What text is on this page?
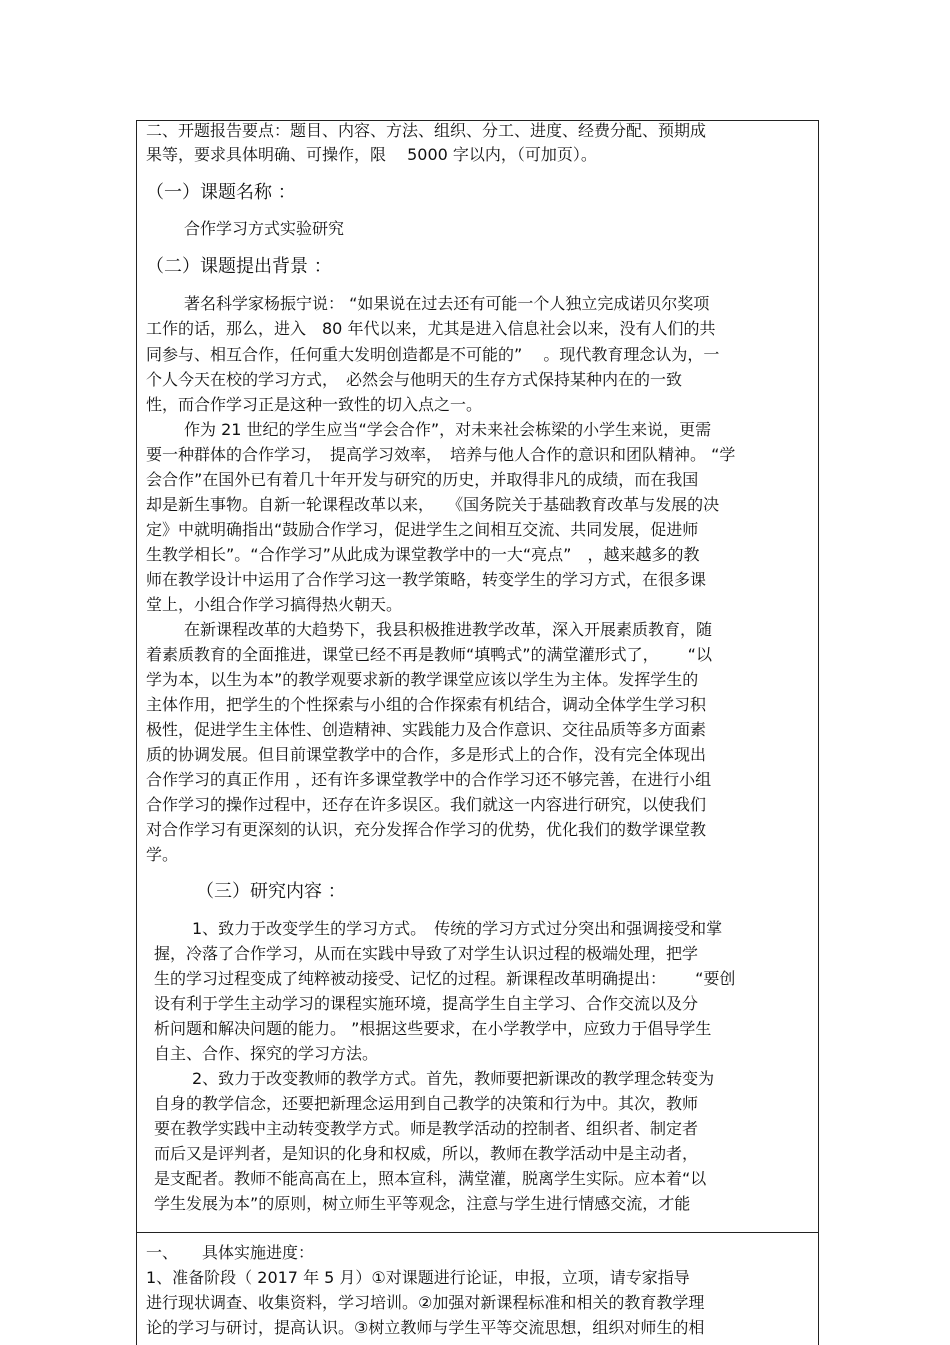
二、开题报告要点：题目、内容、方法、组织、分工、进度、经费分配、预期成
果等，要求具体明确、可操作，限　 5000 字以内，（可加页）。
（一）课题名称 ：
合作学习方式实验研究
（二）课题提出背景 ：
著名科学家杨振宁说： “如果说在过去还有可能一个人独立完成诺贝尔奖项
工作的话，那么，进入　80 年代以来，尤其是进入信息社会以来，没有人们的共
同参与、相互合作，任何重大发明创造都是不可能的”　 。现代教育理念认为，一
个人今天在校的学习方式，　必然会与他明天的生存方式保持某种内在的一致
性，而合作学习正是这种一致性的切入点之一。
作为 21 世纪的学生应当“学会合作”，对未来社会栋梁的小学生来说，更需
要一种群体的合作学习，　提高学习效率，　培养与他人合作的意识和团队精神。 “学
会合作”在国外已有着几十年开发与研究的历史，并取得非凡的成绩，而在我国
却是新生事物。自新一轮课程改革以来，　 《国务院关于基础教育改革与发展的决
定》中就明确指出“鼓励合作学习，促进学生之间相互交流、共同发展，促进师
生教学相长”。“合作学习”从此成为课堂教学中的一大“亮点”　，越来越多的教
师在教学设计中运用了合作学习这一教学策略，转变学生的学习方式，在很多课
堂上，小组合作学习搞得热火朝天。
在新课程改革的大趋势下，我县积极推进教学改革，深入开展素质教育，随
着素质教育的全面推进，课堂已经不再是教师“填鸭式”的满堂灌形式了，　　 “以
学为本，以生为本”的教学观要求新的教学课堂应该以学生为主体。发挥学生的
主体作用，把学生的个性探索与小组的合作探索有机结合，调动全体学生学习积
极性，促进学生主体性、创造精神、实践能力及合作意识、交往品质等多方面素
质的协调发展。但目前课堂教学中的合作，多是形式上的合作，没有完全体现出
合作学习的真正作用 ，还有许多课堂教学中的合作学习还不够完善，在进行小组
合作学习的操作过程中，还存在许多误区。我们就这一内容进行研究，以使我们
对合作学习有更深刻的认识，充分发挥合作学习的优势，优化我们的数学课堂教
学。
（三）研究内容 ：
1、致力于改变学生的学习方式。　传统的学习方式过分突出和强调接受和掌
握，冷落了合作学习，从而在实践中导致了对学生认识过程的极端处理，把学
生的学习过程变成了纯粹被动接受、记忆的过程。新课程改革明确提出：　　 “要创
设有利于学生主动学习的课程实施环境，提高学生自主学习、合作交流以及分
析问题和解决问题的能力。 ”根据这些要求，在小学教学中，应致力于倡导学生
自主、合作、探究的学习方法。
2、致力于改变教师的教学方式。首先，教师要把新课改的教学理念转变为
自身的教学信念，还要把新理念运用到自己教学的决策和行为中。其次，教师
要在教学实践中主动转变教学方式。师是教学活动的控制者、组织者、制定者
而后又是评判者，是知识的化身和权威，所以，教师在教学活动中是主动者，
是支配者。教师不能高高在上，照本宣科，满堂灌，脱离学生实际。应本着“以
学生发展为本”的原则，树立师生平等观念，注意与学生进行情感交流，才能
一、 具体实施进度：
1、准备阶段（ 2017 年 5 月）①对课题进行论证，申报，立项，请专家指导
进行现状调查、收集资料，学习培训。②加强对新课程标准和相关的教育教学理
论的学习与研讨，提高认识。③树立教师与学生平等交流思想，组织对师生的相
